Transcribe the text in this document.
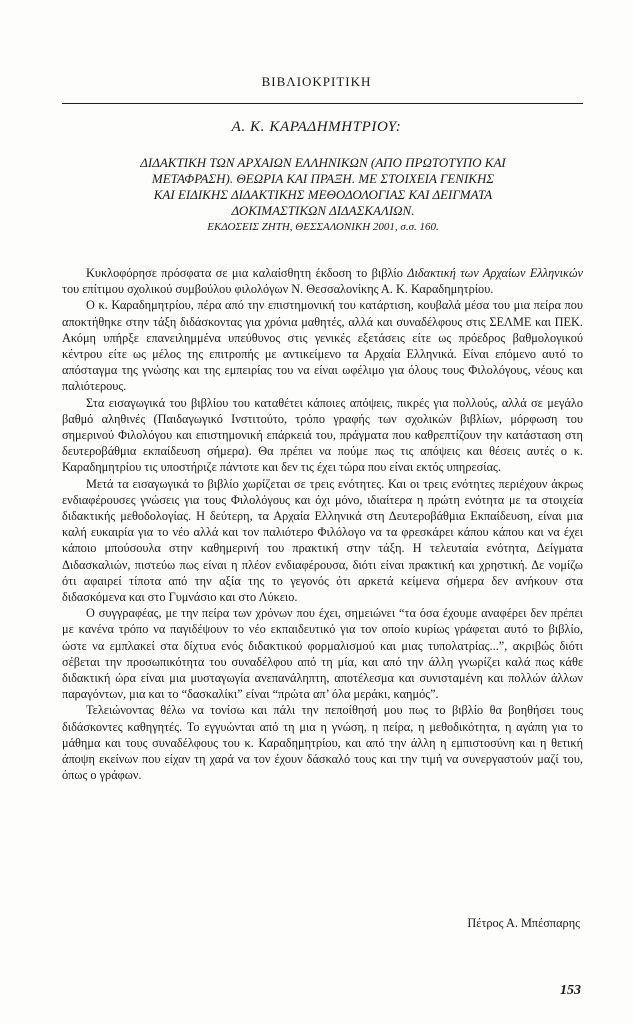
ΒΙΒΛΙΟΚΡΙΤΙΚΗ
Α. Κ. ΚΑΡΑΔΗΜΗΤΡΙΟΥ:
ΔΙΔΑΚΤΙΚΗ ΤΩΝ ΑΡΧΑΙΩΝ ΕΛΛΗΝΙΚΩΝ (ΑΠΟ ΠΡΩΤΟΤΥΠΟ ΚΑΙ
ΜΕΤΑΦΡΑΣΗ). ΘΕΩΡΙΑ ΚΑΙ ΠΡΑΞΗ. ΜΕ ΣΤΟΙΧΕΙΑ ΓΕΝΙΚΗΣ
ΚΑΙ ΕΙΔΙΚΗΣ ΔΙΔΑΚΤΙΚΗΣ ΜΕΘΟΔΟΛΟΓΙΑΣ ΚΑΙ ΔΕΙΓΜΑΤΑ
ΔΟΚΙΜΑΣΤΙΚΩΝ ΔΙΔΑΣΚΑΛΙΩΝ.
ΕΚΔΟΣΕΙΣ ΖΗΤΗ, ΘΕΣΣΑΛΟΝΙΚΗ 2001, σ.σ. 160.

Κυκλοφόρησε πρόσφατα σε μια καλαίσθητη έκδοση το βιβλίο Διδακτική των Αρχαίων Ελληνικών του επίτιμου σχολικού συμβούλου φιλολόγων Ν. Θεσσαλονίκης Α. Κ. Καραδημητρίου.

Ο κ. Καραδημητρίου, πέρα από την επιστημονική του κατάρτιση, κουβαλά μέσα του μια πείρα που αποκτήθηκε στην τάξη διδάσκοντας για χρόνια μαθητές, αλλά και συναδέλφους στις ΣΕΛΜΕ και ΠΕΚ. Ακόμη υπήρξε επανειλημμένα υπεύθυνος στις γενικές εξετάσεις είτε ως πρόεδρος βαθμολογικού κέντρου είτε ως μέλος της επιτροπής με αντικείμενο τα Αρχαία Ελληνικά. Είναι επόμενο αυτό το απόσταγμα της γνώσης και της εμπειρίας του να είναι ωφέλιμο για όλους τους Φιλολόγους, νέους και παλιότερους.

Στα εισαγωγικά του βιβλίου του καταθέτει κάποιες απόψεις, πικρές για πολλούς, αλλά σε μεγάλο βαθμό αληθινές (Παιδαγωγικό Ινστιτούτο, τρόπο γραφής των σχολικών βιβλίων, μόρφωση του σημερινού Φιλολόγου και επιστημονική επάρκειά του, πράγματα που καθρεπτίζουν την κατάσταση στη δευτεροβάθμια εκπαίδευση σήμερα). Θα πρέπει να πούμε πως τις απόψεις και θέσεις αυτές ο κ. Καραδημητρίου τις υποστήριζε πάντοτε και δεν τις έχει τώρα που είναι εκτός υπηρεσίας.

Μετά τα εισαγωγικά το βιβλίο χωρίζεται σε τρεις ενότητες. Και οι τρεις ενότητες περιέχουν άκρως ενδιαφέρουσες γνώσεις για τους Φιλολόγους και όχι μόνο, ιδιαίτερα η πρώτη ενότητα με τα στοιχεία διδακτικής μεθοδολογίας. Η δεύτερη, τα Αρχαία Ελληνικά στη Δευτεροβάθμια Εκπαίδευση, είναι μια καλή ευκαιρία για το νέο αλλά και τον παλιότερο Φιλόλογο να τα φρεσκάρει κάπου κάπου και να έχει κάποιο μπούσουλα στην καθημερινή του πρακτική στην τάξη. Η τελευταία ενότητα, Δείγματα Διδασκαλιών, πιστεύω πως είναι η πλέον ενδιαφέρουσα, διότι είναι πρακτική και χρηστική. Δε νομίζω ότι αφαιρεί τίποτα από την αξία της το γεγονός ότι αρκετά κείμενα σήμερα δεν ανήκουν στα διδασκόμενα και στο Γυμνάσιο και στο Λύκειο.

Ο συγγραφέας, με την πείρα των χρόνων που έχει, σημειώνει “τα όσα έχουμε αναφέρει δεν πρέπει με κανένα τρόπο να παγιδέψουν το νέο εκπαιδευτικό για τον οποίο κυρίως γράφεται αυτό το βιβλίο, ώστε να εμπλακεί στα δίχτυα ενός διδακτικού φορμαλισμού και μιας τυπολατρίας...”, ακριβώς διότι σέβεται την προσωπικότητα του συναδέλφου από τη μία, και από την άλλη γνωρίζει καλά πως κάθε διδακτική ώρα είναι μια μυσταγωγία ανεπανάληπτη, αποτέλεσμα και συνισταμένη και πολλών άλλων παραγόντων, μια και το “δασκαλίκι” είναι “πρώτα απ’ όλα μεράκι, καημός”.

Τελειώνοντας θέλω να τονίσω και πάλι την πεποίθησή μου πως το βιβλίο θα βοηθήσει τους διδάσκοντες καθηγητές. Το εγγυώνται από τη μια η γνώση, η πείρα, η μεθοδικότητα, η αγάπη για το μάθημα και τους συναδέλφους του κ. Καραδημητρίου, και από την άλλη η εμπιστοσύνη και η θετική άποψη εκείνων που είχαν τη χαρά να τον έχουν δάσκαλό τους και την τιμή να συνεργαστούν μαζί του, όπως ο γράφων.

Πέτρος Α. Μπέσπαρης
153
